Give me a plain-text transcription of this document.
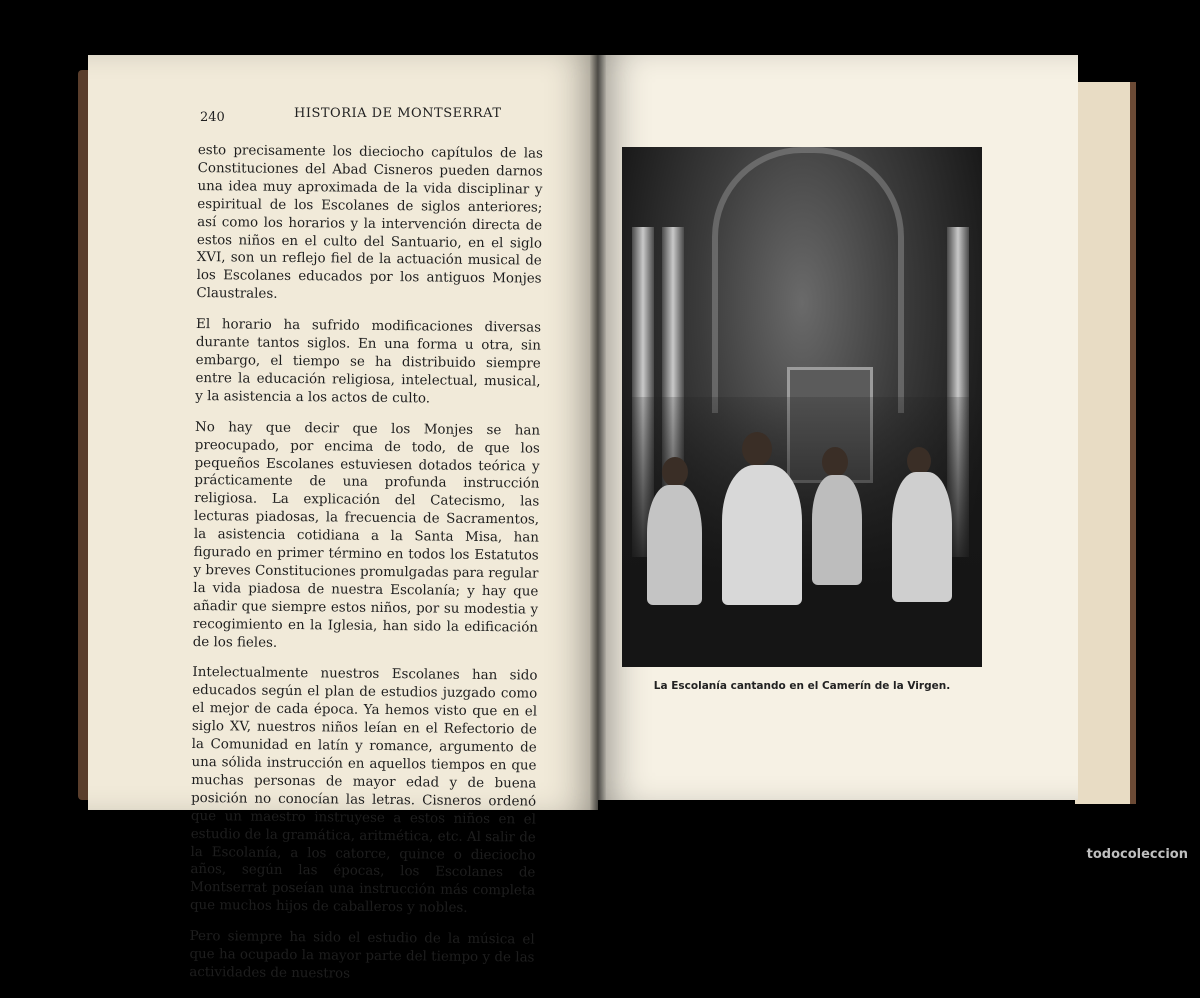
240	HISTORIA DE MONTSERRAT

esto precisamente los dieciocho capítulos de las Constituciones del Abad Cisneros pueden darnos una idea muy aproximada de la vida disciplinar y espiritual de los Escolanes de siglos anteriores; así como los horarios y la intervención directa de estos niños en el culto del Santuario, en el siglo XVI, son un reflejo fiel de la actuación musical de los Escolanes educados por los antiguos Monjes Claustrales.

El horario ha sufrido modificaciones diversas durante tantos siglos. En una forma u otra, sin embargo, el tiempo se ha distribuido siempre entre la educación religiosa, intelectual, musical, y la asistencia a los actos de culto.

No hay que decir que los Monjes se han preocupado, por encima de todo, de que los pequeños Escolanes estuviesen dotados teórica y prácticamente de una profunda instrucción religiosa. La explicación del Catecismo, las lecturas piadosas, la frecuencia de Sacramentos, la asistencia cotidiana a la Santa Misa, han figurado en primer término en todos los Estatutos y breves Constituciones promulgadas para regular la vida piadosa de nuestra Escolanía; y hay que añadir que siempre estos niños, por su modestia y recogimiento en la Iglesia, han sido la edificación de los fieles.

Intelectualmente nuestros Escolanes han sido educados según el plan de estudios juzgado como el mejor de cada época. Ya hemos visto que en el siglo XV, nuestros niños leían en el Refectorio de la Comunidad en latín y romance, argumento de una sólida instrucción en aquellos tiempos en que muchas personas de mayor edad y de buena posición no conocían las letras. Cisneros ordenó que un maestro instruyese a estos niños en el estudio de la gramática, aritmética, etc. Al salir de la Escolanía, a los catorce, quince o dieciocho años, según las épocas, los Escolanes de Montserrat poseían una instrucción más completa que muchos hijos de caballeros y nobles.

Pero siempre ha sido el estudio de la música el que ha ocupado la mayor parte del tiempo y de las actividades de nuestros

La Escolanía cantando en el Camerín de la Virgen.
todocoleccion
